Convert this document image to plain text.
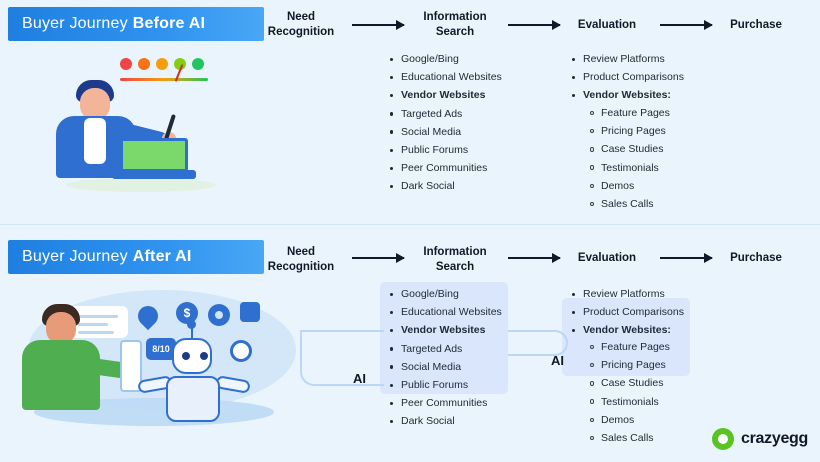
Buyer Journey Before AI	Need
Recognition
Information
Search
Evaluation	Purchase
Google/Bing
Educational Websites
Vendor Websites
Targeted Ads
Social Media
Public Forums
Peer Communities
Dark Social
Review Platforms
Product Comparisons
Vendor Websites:
Feature Pages
Pricing Pages
Case Studies
Testimonials
Demos
Sales Calls
Buyer Journey After AI	Need
Recognition
Information
Search
Evaluation	Purchase
AI
AI
$
8/10
Google/Bing
Educational Websites
Vendor Websites
Targeted Ads
Social Media
Public Forums
Peer Communities
Dark Social
Review Platforms
Product Comparisons
Vendor Websites:
Feature Pages
Pricing Pages
Case Studies
Testimonials
Demos
Sales Calls	crazyegg
